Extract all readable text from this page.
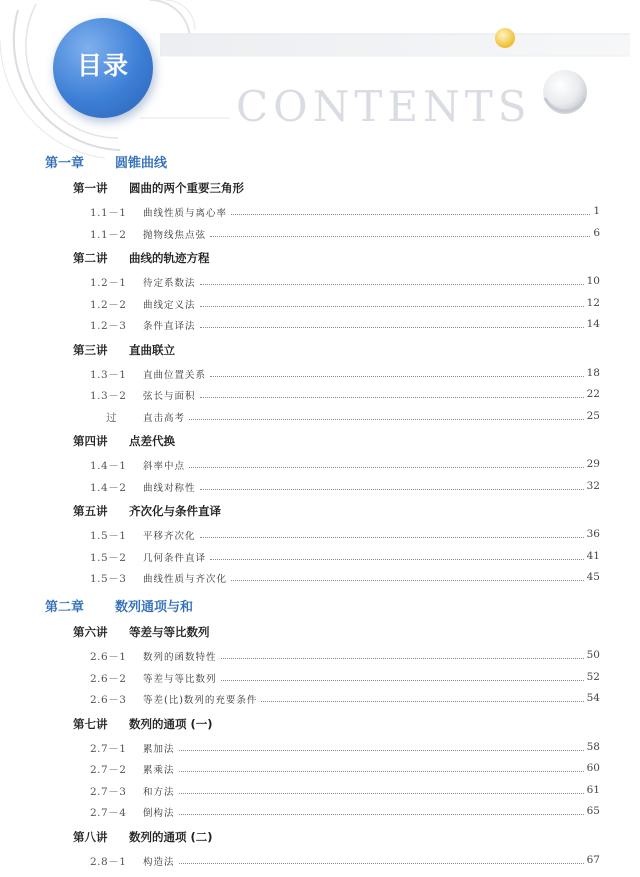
目录
CONTENTS
第一章 圆锥曲线
第一讲 圆曲的两个重要三角形
1.1－1 曲线性质与离心率	1
1.1－2 抛物线焦点弦	6
第二讲 曲线的轨迹方程
1.2－1 待定系数法	10
1.2－2 曲线定义法	12
1.2－3 条件直译法	14
第三讲 直曲联立
1.3－1 直曲位置关系	18
1.3－2 弦长与面积	22
过	直击高考	25
第四讲 点差代换
1.4－1 斜率中点	29
1.4－2 曲线对称性	32
第五讲 齐次化与条件直译
1.5－1 平移齐次化	36
1.5－2 几何条件直译	41
1.5－3 曲线性质与齐次化	45
第二章 数列通项与和
第六讲 等差与等比数列
2.6－1 数列的函数特性	50
2.6－2 等差与等比数列	52
2.6－3 等差(比)数列的充要条件	54
第七讲 数列的通项 (一)
2.7－1 累加法	58
2.7－2 累乘法	60
2.7－3 和方法	61
2.7－4 倒构法	65
第八讲 数列的通项 (二)
2.8－1 构造法	67
